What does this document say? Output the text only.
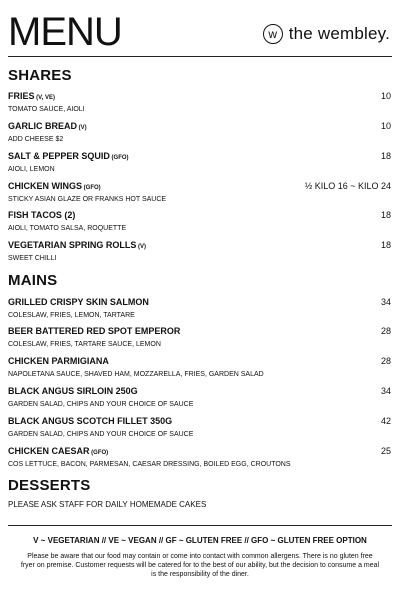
MENU	w the wembley.
SHARES
FRIES (V, VE)
TOMATO SAUCE, AIOLI
10
GARLIC BREAD (V)
ADD CHEESE $2
10
SALT & PEPPER SQUID (GFO)
AIOLI, LEMON
18
CHICKEN WINGS (GFO)
STICKY ASIAN GLAZE OR FRANKS HOT SAUCE
½ KILO 16 ~ KILO 24
FISH TACOS (2)
AIOLI, TOMATO SALSA, ROQUETTE
18
VEGETARIAN SPRING ROLLS (V)
SWEET CHILLI
18
MAINS
GRILLED CRISPY SKIN SALMON
COLESLAW, FRIES, LEMON, TARTARE
34
BEER BATTERED RED SPOT EMPEROR
COLESLAW, FRIES, TARTARE SAUCE, LEMON
28
CHICKEN PARMIGIANA
NAPOLETANA SAUCE, SHAVED HAM, MOZZARELLA, FRIES, GARDEN SALAD
28
BLACK ANGUS SIRLOIN 250G
GARDEN SALAD, CHIPS AND YOUR CHOICE OF SAUCE
34
BLACK ANGUS SCOTCH FILLET 350G
GARDEN SALAD, CHIPS AND YOUR CHOICE OF SAUCE
42
CHICKEN CAESAR (GFO)
COS LETTUCE, BACON, PARMESAN, CAESAR DRESSING, BOILED EGG, CROUTONS
25
DESSERTS
PLEASE ASK STAFF FOR DAILY HOMEMADE CAKES
V ~ VEGETARIAN // VE ~ VEGAN // GF ~ GLUTEN FREE // GFO ~ GLUTEN FREE OPTION
Please be aware that our food may contain or come into contact with common allergens. There is no gluten free fryer on premise. Customer requests will be catered for to the best of our ability, but the decision to consume a meal is the responsibility of the diner.
